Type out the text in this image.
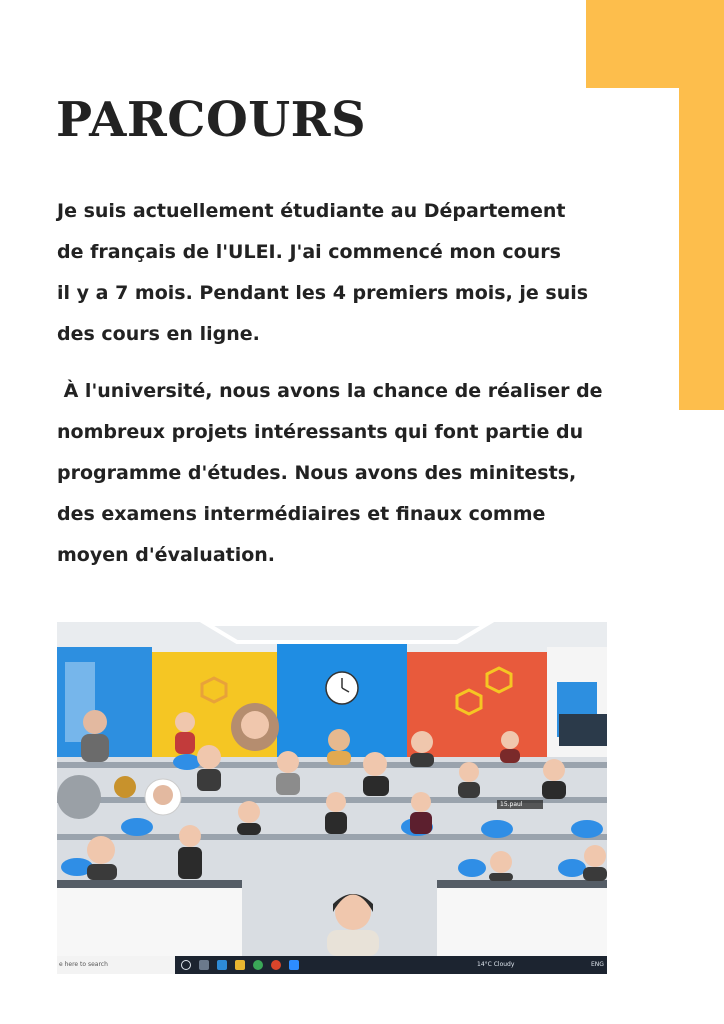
PARCOURS

Je suis actuellement étudiante au Département
de français de l'ULEI. J'ai commencé mon cours
il y a 7 mois. Pendant les 4 premiers mois, je suis
des cours en ligne.

À l'université, nous avons la chance de réaliser de
nombreux projets intéressants qui font partie du
programme d'études. Nous avons des minitests,
des examens intermédiaires et finaux comme
moyen d'évaluation.

15.paul
e here to search
	14°C Cloudy	ENG
